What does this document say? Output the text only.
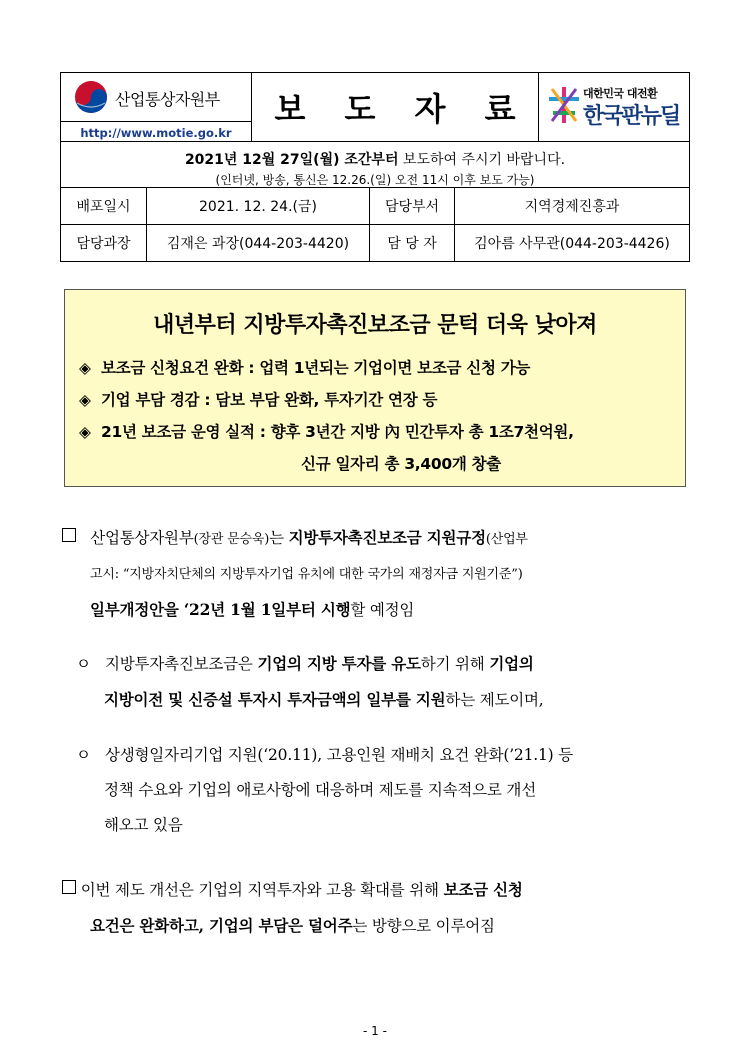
산업통상자원부
http://www.motie.go.kr
보 도 자 료	대한민국 대전환
한국판뉴딜
2021년 12월 27일(월) 조간부터 보도하여 주시기 바랍니다.
(인터넷, 방송, 통신은 12.26.(일) 오전 11시 이후 보도 가능)
배포일시	2021. 12. 24.(금)	담당부서	지역경제진흥과
담당과장	김재은 과장(044-203-4420)	담 당 자	김아름 사무관(044-203-4426)
내년부터 지방투자촉진보조금 문턱 더욱 낮아져
◈ 보조금 신청요건 완화 : 업력 1년되는 기업이면 보조금 신청 가능
◈ 기업 부담 경감 : 담보 부담 완화, 투자기간 연장 등
◈ 21년 보조금 운영 실적 : 향후 3년간 지방 內 민간투자 총 1조7천억원,
신규 일자리 총 3,400개 창출
산업통상자원부(장관 문승욱)는 지방투자촉진보조금 지원규정(산업부
고시: “지방자치단체의 지방투자기업 유치에 대한 국가의 재정자금 지원기준”)
일부개정안을 ‘22년 1월 1일부터 시행할 예정임
ㅇ 지방투자촉진보조금은 기업의 지방 투자를 유도하기 위해 기업의
지방이전 및 신증설 투자시 투자금액의 일부를 지원하는 제도이며,
ㅇ 상생형일자리기업 지원(‘20.11), 고용인원 재배치 요건 완화(’21.1) 등
정책 수요와 기업의 애로사항에 대응하며 제도를 지속적으로 개선
해오고 있음
이번 제도 개선은 기업의 지역투자와 고용 확대를 위해 보조금 신청
요건은 완화하고, 기업의 부담은 덜어주는 방향으로 이루어짐
- 1 -
